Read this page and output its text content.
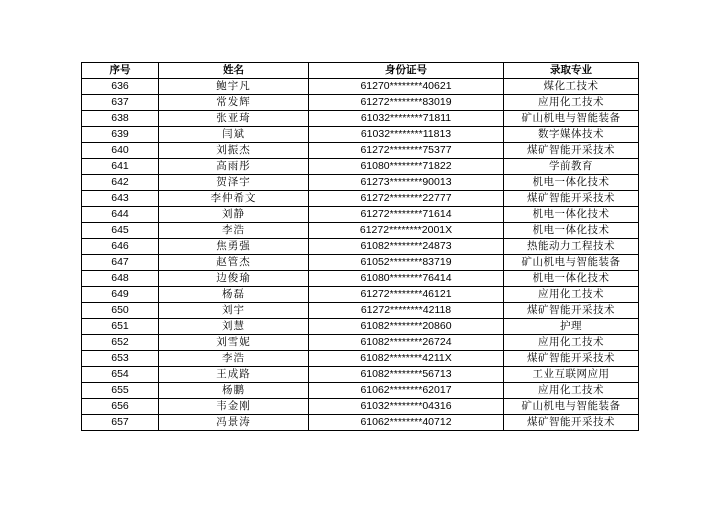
序号	姓名	身份证号	录取专业
636	鲍宇凡	61270********40621	煤化工技术
637	常发辉	61272********83019	应用化工技术
638	张亚琦	61032********71811	矿山机电与智能装备
639	闫斌	61032********11813	数字媒体技术
640	刘振杰	61272********75377	煤矿智能开采技术
641	高雨彤	61080********71822	学前教育
642	贺泽宇	61273********90013	机电一体化技术
643	李仲希文	61272********22777	煤矿智能开采技术
644	刘静	61272********71614	机电一体化技术
645	李浩	61272********2001X	机电一体化技术
646	焦勇强	61082********24873	热能动力工程技术
647	赵管杰	61052********83719	矿山机电与智能装备
648	边俊瑜	61080********76414	机电一体化技术
649	杨磊	61272********46121	应用化工技术
650	刘宇	61272********42118	煤矿智能开采技术
651	刘慧	61082********20860	护理
652	刘雪妮	61082********26724	应用化工技术
653	李浩	61082********4211X	煤矿智能开采技术
654	王成路	61082********56713	工业互联网应用
655	杨鹏	61062********62017	应用化工技术
656	韦金刚	61032********04316	矿山机电与智能装备
657	冯景涛	61062********40712	煤矿智能开采技术
